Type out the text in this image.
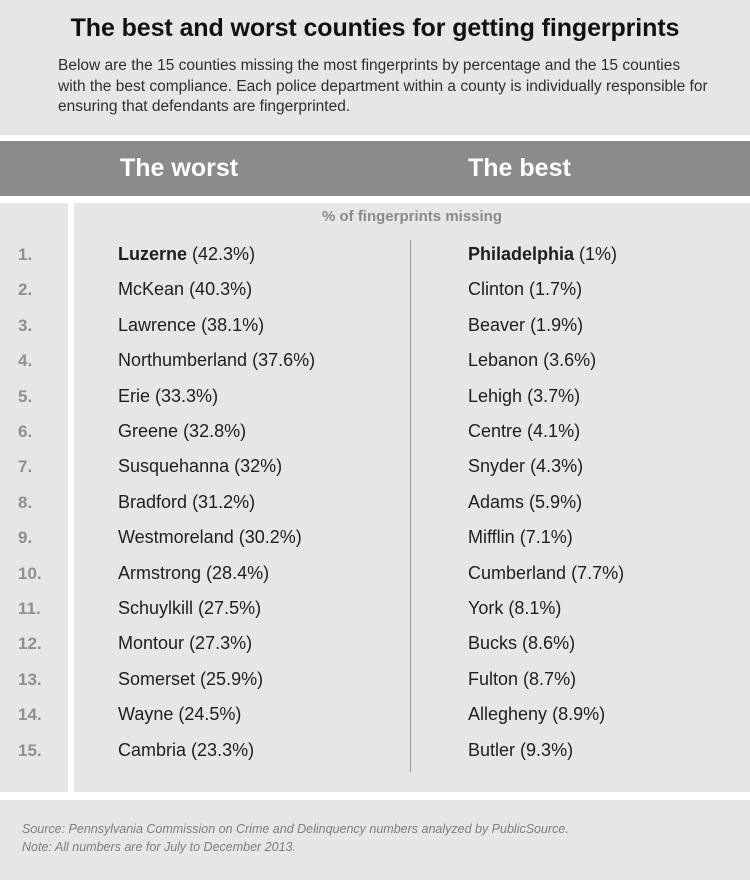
The best and worst counties for getting fingerprints
Below are the 15 counties missing the most fingerprints by percentage and the 15 counties with the best compliance. Each police department within a county is individually responsible for ensuring that defendants are fingerprinted.
The worst	The best
% of fingerprints missing
1.	Luzerne (42.3%)	Philadelphia (1%)
2.	McKean (40.3%)	Clinton (1.7%)
3.	Lawrence (38.1%)	Beaver (1.9%)
4.	Northumberland (37.6%)	Lebanon (3.6%)
5.	Erie (33.3%)	Lehigh (3.7%)
6.	Greene (32.8%)	Centre (4.1%)
7.	Susquehanna (32%)	Snyder (4.3%)
8.	Bradford (31.2%)	Adams (5.9%)
9.	Westmoreland (30.2%)	Mifflin (7.1%)
10.	Armstrong (28.4%)	Cumberland (7.7%)
11.	Schuylkill (27.5%)	York (8.1%)
12.	Montour (27.3%)	Bucks (8.6%)
13.	Somerset (25.9%)	Fulton (8.7%)
14.	Wayne (24.5%)	Allegheny (8.9%)
15.	Cambria (23.3%)	Butler (9.3%)
Source: Pennsylvania Commission on Crime and Delinquency numbers analyzed by PublicSource.
Note: All numbers are for July to December 2013.
